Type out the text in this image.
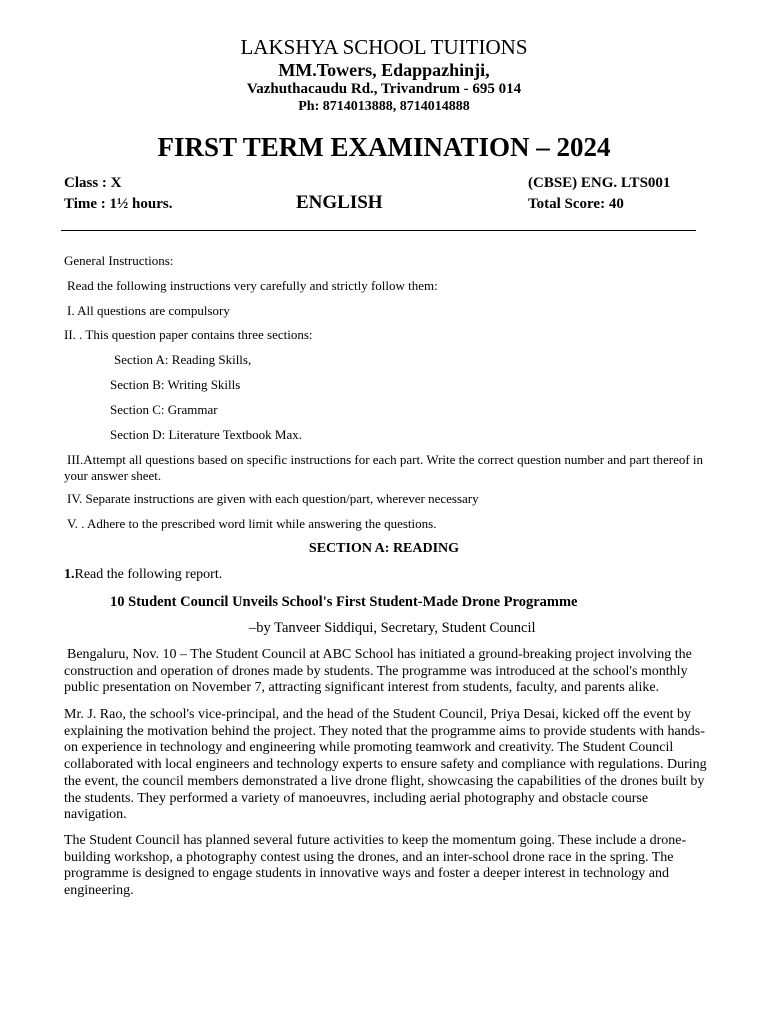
LAKSHYA SCHOOL TUITIONS
MM.Towers, Edappazhinji,
Vazhuthacaudu Rd., Trivandrum - 695 014
Ph: 8714013888, 8714014888
FIRST TERM EXAMINATION – 2024
Class : X
Time : 1½ hours.	ENGLISH
(CBSE) ENG. LTS001
Total Score: 40
General Instructions:
Read the following instructions very carefully and strictly follow them:
I. All questions are compulsory
II. . This question paper contains three sections:
Section A: Reading Skills,
Section B: Writing Skills
Section C: Grammar
Section D: Literature Textbook Max.
III.Attempt all questions based on specific instructions for each part. Write the correct question number and part thereof in your answer sheet.
IV. Separate instructions are given with each question/part, wherever necessary
V. . Adhere to the prescribed word limit while answering the questions.
SECTION A: READING
1.Read the following report.
10 Student Council Unveils School's First Student-Made Drone Programme
–by Tanveer Siddiqui, Secretary, Student Council
Bengaluru, Nov. 10 – The Student Council at ABC School has initiated a ground-breaking project involving the construction and operation of drones made by students. The programme was introduced at the school's monthly public presentation on November 7, attracting significant interest from students, faculty, and parents alike.
Mr. J. Rao, the school's vice-principal, and the head of the Student Council, Priya Desai, kicked off the event by explaining the motivation behind the project. They noted that the programme aims to provide students with hands-on experience in technology and engineering while promoting teamwork and creativity. The Student Council collaborated with local engineers and technology experts to ensure safety and compliance with regulations. During the event, the council members demonstrated a live drone flight, showcasing the capabilities of the drones built by the students. They performed a variety of manoeuvres, including aerial photography and obstacle course navigation.
The Student Council has planned several future activities to keep the momentum going. These include a drone-building workshop, a photography contest using the drones, and an inter-school drone race in the spring. The programme is designed to engage students in innovative ways and foster a deeper interest in technology and engineering.
